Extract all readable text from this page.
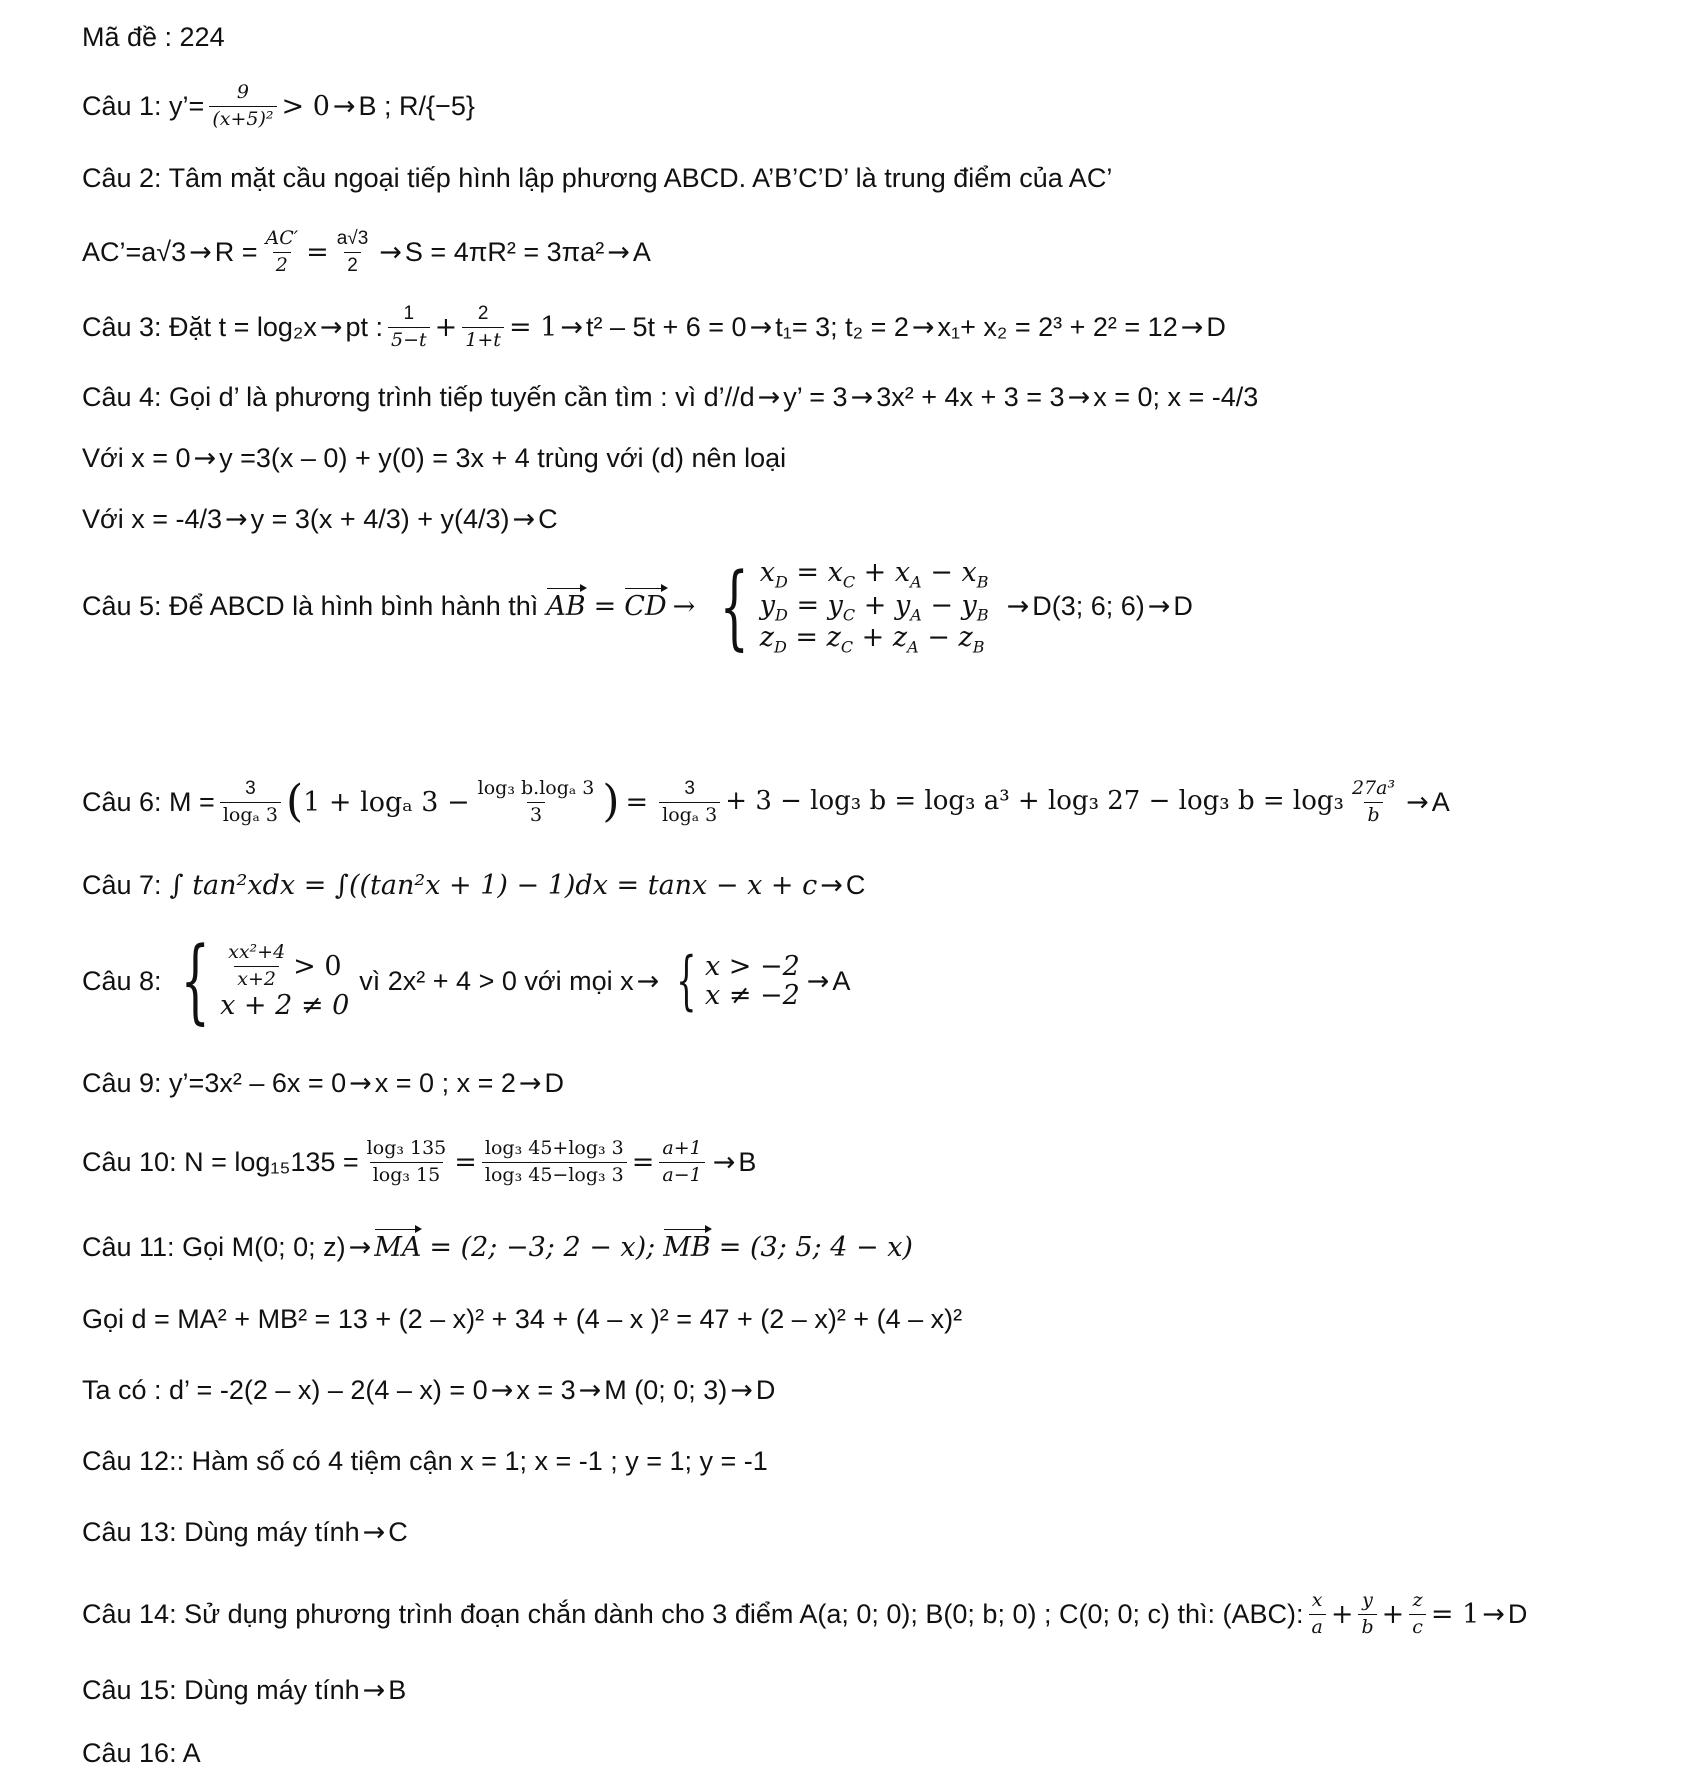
Mã đề : 224
Câu 1: y’= $\frac{9}{\text{(x+5)²}} > 0 \to B$ ; R/{−5}
Câu 2: Tâm mặt cầu ngoại tiếp hình lập phương ABCD. A’B’C’D’ là trung điểm của AC’
AC’=a√3 → $R = \frac{AC'}{2} = \frac{a√3}{2} \to S = 4\pi R^2 = 3\pi a^2 \to A$
Câu 3: Đặt t = log₂x → pt : $\frac{1}{5-t} + \frac{2}{1+t} = 1 \to t^2 - 5t + 6 = 0 \to t_1= 3$; t₂ = 2 → x₁+ x₂ = 2³ + 2² = 12 → D
Câu 4: Gọi d’ là phương trình tiếp tuyến cần tìm : vì d’//d → y’ = 3 → 3x² + 4x + 3 = 3 → x = 0; x = -4/3
Với x = 0 → y =3(x – 0) + y(0) = 3x + 4 trùng với (d) nên loại
Với x = -4/3 → y = 3(x + 4/3) + y(4/3) → C
Câu 5: Để ABCD là hình bình hành thì AB = CD → { $x_D = x_C + x_A - x_B$
$y_D = y_C + y_A - y_B$
$z_D = z_C + z_A - z_B$
→ D(3; 6; 6) → D
Câu 6: $M = \frac{3}{\text{logₐ 3}}$ ( 1 + logₐ $3 - \frac{\text{log₃ b.logₐ 3}}{3}$ ) = $\frac{3}{\text{logₐ 3}} + 3 - \log_3$ b = log₃ a³ + log₃ 27 − log₃ $b = \log_3 \frac{\text{27a³}}{b} \to A$
Câu 7: ∫ tan²xdx = ∫((tan²x + 1) − 1)dx = tanx − x + c → C
Câu 8: { $\frac{\text{xx²+4}}{x+2} > 0$
x + 2 ≠ 0
vì 2x² + 4 > 0 với mọi x → { x > −2
x ≠ −2 → A
Câu 9: y’=3x² – 6x = 0 → x = 0 ; x = 2 → D
Câu 10: $N = \log_{15}135 = \frac{\text{log₃ 135}}{\text{log₃ 15}} = \frac{\text{log₃ 45+log₃ 3}}{\text{log₃ 45−log₃ 3}} = \frac{a+1}{a-1} \to B$
Câu 11: Gọi M(0; 0; z) → MA = (2; −3; 2 − x); MB = (3; 5; 4 − x)
Gọi d = MA² + MB² = 13 + (2 – x)² + 34 + (4 – x )² = 47 + (2 – x)² + (4 – x)²
Ta có : d’ = -2(2 – x) – 2(4 – x) = 0 → x = 3 → M (0; 0; 3) → D
Câu 12:: Hàm số có 4 tiệm cận x = 1; x = -1 ; y = 1; y = -1
Câu 13: Dùng máy tính → C
Câu 14: Sử dụng phương trình đoạn chắn dành cho 3 điểm A(a; 0; 0); B(0; b; 0) ; C(0; 0; c) thì: (ABC): $\frac{x}{a} + \frac{y}{b} + \frac{z}{c} = 1 \to D$
Câu 15: Dùng máy tính → B
Câu 16: A
